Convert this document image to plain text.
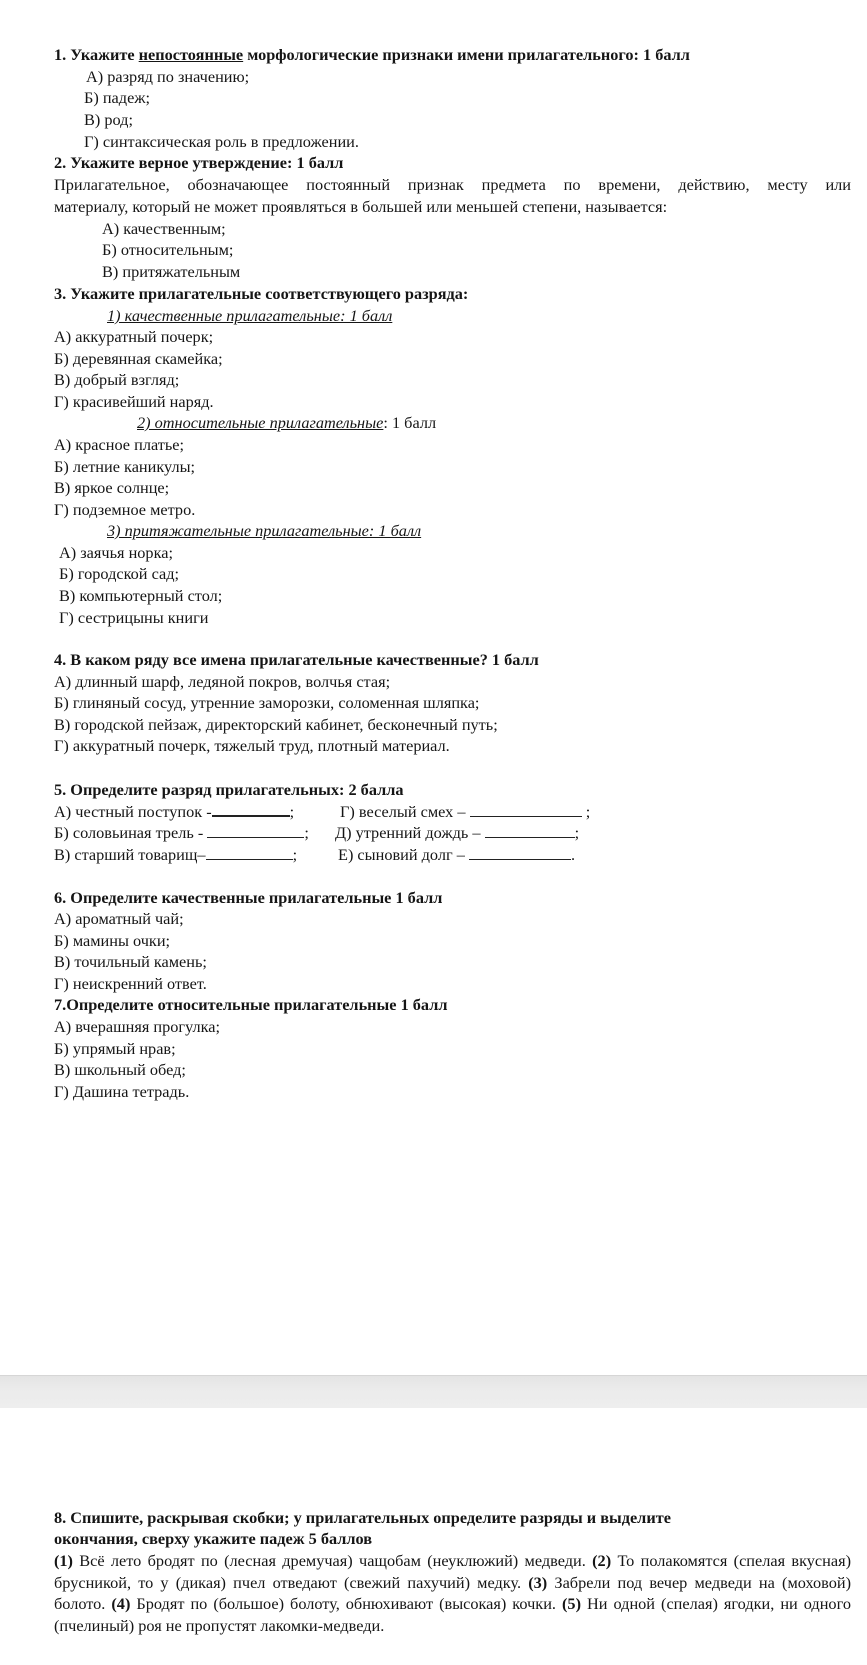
1. Укажите непостоянные морфологические признаки имени прилагательного: 1 балл
А) разряд по значению;
Б) падеж;
В) род;
Г) синтаксическая роль в предложении.
2. Укажите верное утверждение: 1 балл
Прилагательное, обозначающее постоянный признак предмета по времени, действию, месту или
материалу, который не может проявляться в большей или меньшей степени, называется:
А) качественным;
Б) относительным;
В) притяжательным
3. Укажите прилагательные соответствующего разряда:
1) качественные прилагательные: 1 балл
А) аккуратный почерк;
Б) деревянная скамейка;
В) добрый взгляд;
Г) красивейший наряд.
2) относительные прилагательные: 1 балл
А) красное платье;
Б) летние каникулы;
В) яркое солнце;
Г) подземное метро.
3) притяжательные прилагательные: 1 балл
А) заячья норка;
Б) городской сад;
В) компьютерный стол;
Г) сестрицыны книги
4. В каком ряду все имена прилагательные качественные? 1 балл
А) длинный шарф, ледяной покров, волчья стая;
Б) глиняный сосуд, утренние заморозки, соломенная шляпка;
В) городской пейзаж, директорский кабинет, бесконечный путь;
Г) аккуратный почерк, тяжелый труд, плотный материал.
5. Определите разряд прилагательных: 2 балла
А) честный поступок -	;	Г) веселый смех –	;
Б) соловьиная трель -	; Д) утренний дождь –	;
В) старший товарищ–	;	Е) сыновий долг –	.
6. Определите качественные прилагательные 1 балл
А) ароматный чай;
Б) мамины очки;
В) точильный камень;
Г) неискренний ответ.
7.Определите относительные прилагательные 1 балл
А) вчерашняя прогулка;
Б) упрямый нрав;
В) школьный обед;
Г) Дашина тетрадь.
8. Спишите, раскрывая скобки; у прилагательных определите разряды и выделите
окончания, сверху укажите падеж 5 баллов
(1) Всё лето бродят по (лесная дремучая) чащобам (неуклюжий) медведи. (2) То полакомятся (спелая вкусная) брусникой, то у (дикая) пчел отведают (свежий пахучий) медку. (3) Забрели под вечер медведи на (моховой) болото. (4) Бродят по (большое) болоту, обнюхивают (высокая) кочки. (5) Ни одной (спелая) ягодки, ни одного (пчелиный) роя не пропустят лакомки-медведи.
